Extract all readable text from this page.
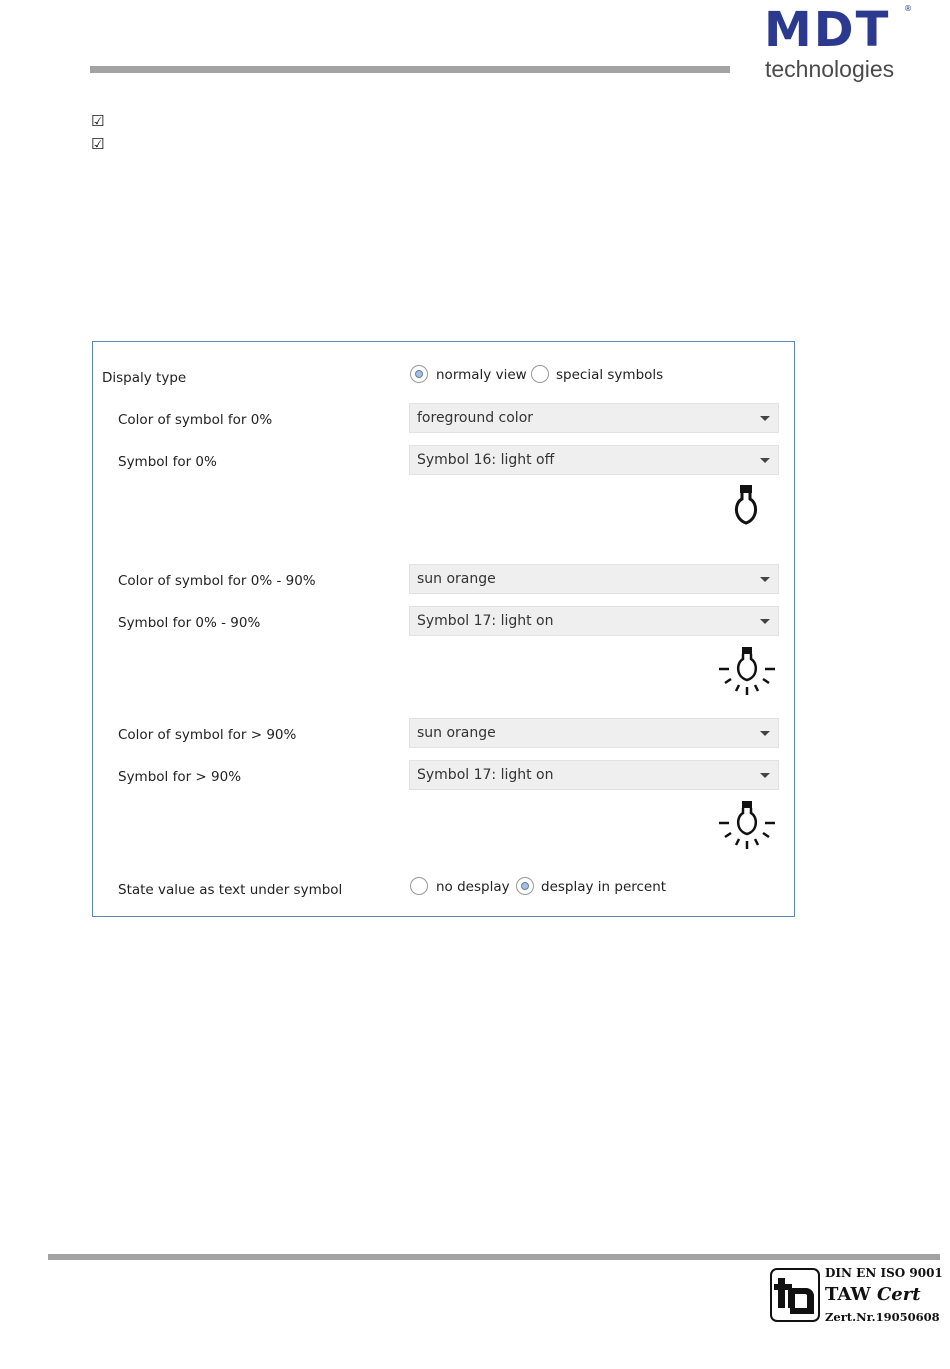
MDT ®
technologies
☑
☑
Dispaly type	normaly view special symbols
Color of symbol for 0%	foreground color
Symbol for 0%	Symbol 16: light off
Color of symbol for 0% - 90%	sun orange
Symbol for 0% - 90%	Symbol 17: light on
Color of symbol for > 90%	sun orange
Symbol for > 90%	Symbol 17: light on
State value as text under symbol	no desplay desplay in percent
DIN EN ISO 9001
TAW Cert
Zert.Nr.19050608
